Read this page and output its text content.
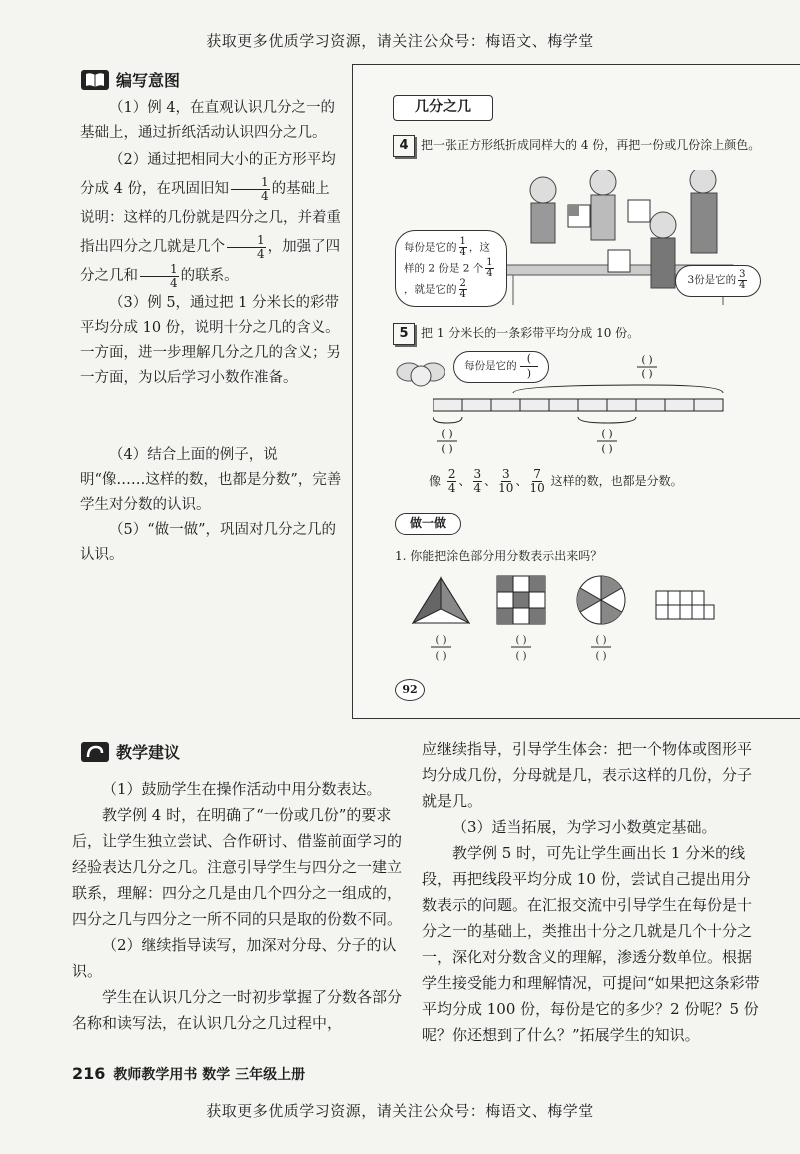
获取更多优质学习资源，请关注公众号：梅语文、梅学堂
编写意图

（1）例 4，在直观认识几分之一的基础上，通过折纸活动认识四分之几。

（2）通过把相同大小的正方形平均分成 4 份，在巩固旧知 $\frac{1}{4}$ 的基础上说明：这样的几份就是四分之几，并着重指出四分之几就是几个 $\frac{1}{4}$ ，加强了四分之几和 $\frac{1}{4}$ 的联系。

（3）例 5，通过把 1 分米长的彩带平均分成 10 份，说明十分之几的含义。一方面，进一步理解几分之几的含义；另一方面，为以后学习小数作准备。

（4）结合上面的例子，说明“像……这样的数，也都是分数”，完善学生对分数的认识。

（5）“做一做”，巩固对几分之几的认识。

几分之几
4 把一张正方形纸折成同样大的 4 份，再把一份或几份涂上颜色。
每份是它的 $\frac{1}{4}$ ，这样的 2 份是 2 个 $\frac{1}{4}$
，就是它的 $\frac{2}{4}$	3份是它的 $\frac{3}{4}$
5 把 1 分米长的一条彩带平均分成 10 份。
每份是它的
(
)
( )
( )
( )
( )
( )
( )
像 $\frac{2}{4}$ 、 $\frac{3}{4}$ 、 $\frac{3}{10}$ 、 $\frac{7}{10}$ 这样的数，也都是分数。
做一做
1. 你能把涂色部分用分数表示出来吗？
( )
( )
( )
( )
( )
( )
92
教学建议

（1）鼓励学生在操作活动中用分数表达。

教学例 4 时，在明确了“一份或几份”的要求后，让学生独立尝试、合作研讨、借鉴前面学习的经验表达几分之几。注意引导学生与四分之一建立联系，理解：四分之几是由几个四分之一组成的，四分之几与四分之一所不同的只是取的份数不同。

（2）继续指导读写，加深对分母、分子的认识。

学生在认识几分之一时初步掌握了分数各部分名称和读写法，在认识几分之几过程中，

应继续指导，引导学生体会：把一个物体或图形平均分成几份，分母就是几，表示这样的几份，分子就是几。

（3）适当拓展，为学习小数奠定基础。

教学例 5 时，可先让学生画出长 1 分米的线段，再把线段平均分成 10 份，尝试自己提出用分数表示的问题。在汇报交流中引导学生在每份是十分之一的基础上，类推出十分之几就是几个十分之一，深化对分数含义的理解，渗透分数单位。根据学生接受能力和理解情况，可提问“如果把这条彩带平均分成 100 份，每份是它的多少？2 份呢？5 份呢？你还想到了什么？”拓展学生的知识。

216 教师教学用书 数学 三年级上册
获取更多优质学习资源，请关注公众号：梅语文、梅学堂
